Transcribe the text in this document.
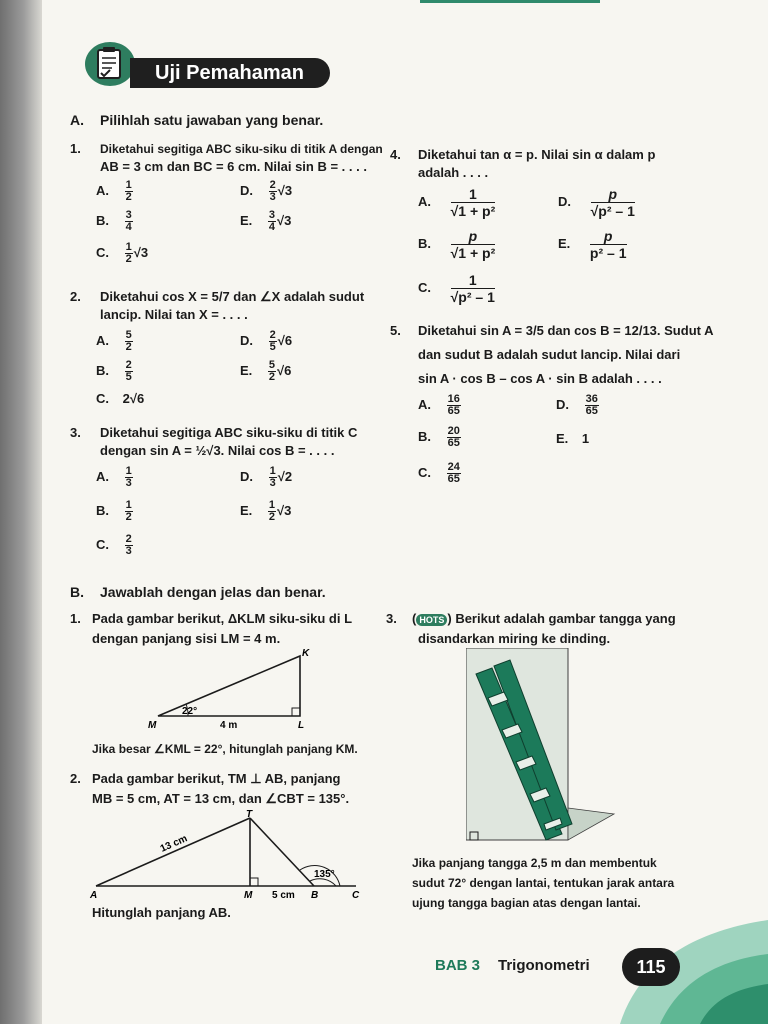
Uji Pemahaman
A. Pilihlah satu jawaban yang benar.
1. Diketahui segitiga ABC siku-siku di titik A dengan
AB = 3 cm dan BC = 6 cm. Nilai sin B = . . . .
A. $\frac{1}{2}$
B. $\frac{3}{4}$
C. $\frac{1}{2} √3$
D. $\frac{2}{3} √3$
E. $\frac{3}{4} √3$
2. Diketahui cos X = 5/7 dan ∠X adalah sudut
lancip. Nilai tan X = . . . .
A. $\frac{5}{2}$
B. $\frac{2}{5}$
C. 2√6
D. $\frac{2}{5} √6$
E. $\frac{5}{2} √6$
3. Diketahui segitiga ABC siku-siku di titik C
dengan sin A = ½√3. Nilai cos B = . . . .
A. $\frac{1}{3}$
B. $\frac{1}{2}$
C. $\frac{2}{3}$
D. $\frac{1}{3} √2$
E. $\frac{1}{2} √3$
4. Diketahui tan α = p. Nilai sin α dalam p
adalah . . . .
A. $\frac{1}{\text{√1 + p²}}$
B. $\frac{p}{\text{√1 + p²}}$
C. $\frac{1}{\text{√p² – 1}}$
D. $\frac{p}{\text{√p² – 1}}$
E. $\frac{p}{\text{p² – 1}}$
5. Diketahui sin A = 3/5 dan cos B = 12/13. Sudut A
dan sudut B adalah sudut lancip. Nilai dari
sin A · cos B – cos A · sin B adalah . . . .
A. $\frac{16}{65}$
B. $\frac{20}{65}$
C. $\frac{24}{65}$
D. $\frac{36}{65}$
E. 1
B. Jawablah dengan jelas dan benar.
1. Pada gambar berikut, ΔKLM siku-siku di L
dengan panjang sisi LM = 4 m.
K
M	L
22°
4 m
Jika besar ∠KML = 22°, hitunglah panjang KM.
2. Pada gambar berikut, TM ⊥ AB, panjang
MB = 5 cm, AT = 13 cm, dan ∠CBT = 135°.
T
A	M	B	C
13 cm
5 cm
135°
Hitunglah panjang AB.
3. ( HOTS ) Berikut adalah gambar tangga yang
disandarkan miring ke dinding.
Jika panjang tangga 2,5 m dan membentuk
sudut 72° dengan lantai, tentukan jarak antara
ujung tangga bagian atas dengan lantai.
BAB 3 Trigonometri	115
